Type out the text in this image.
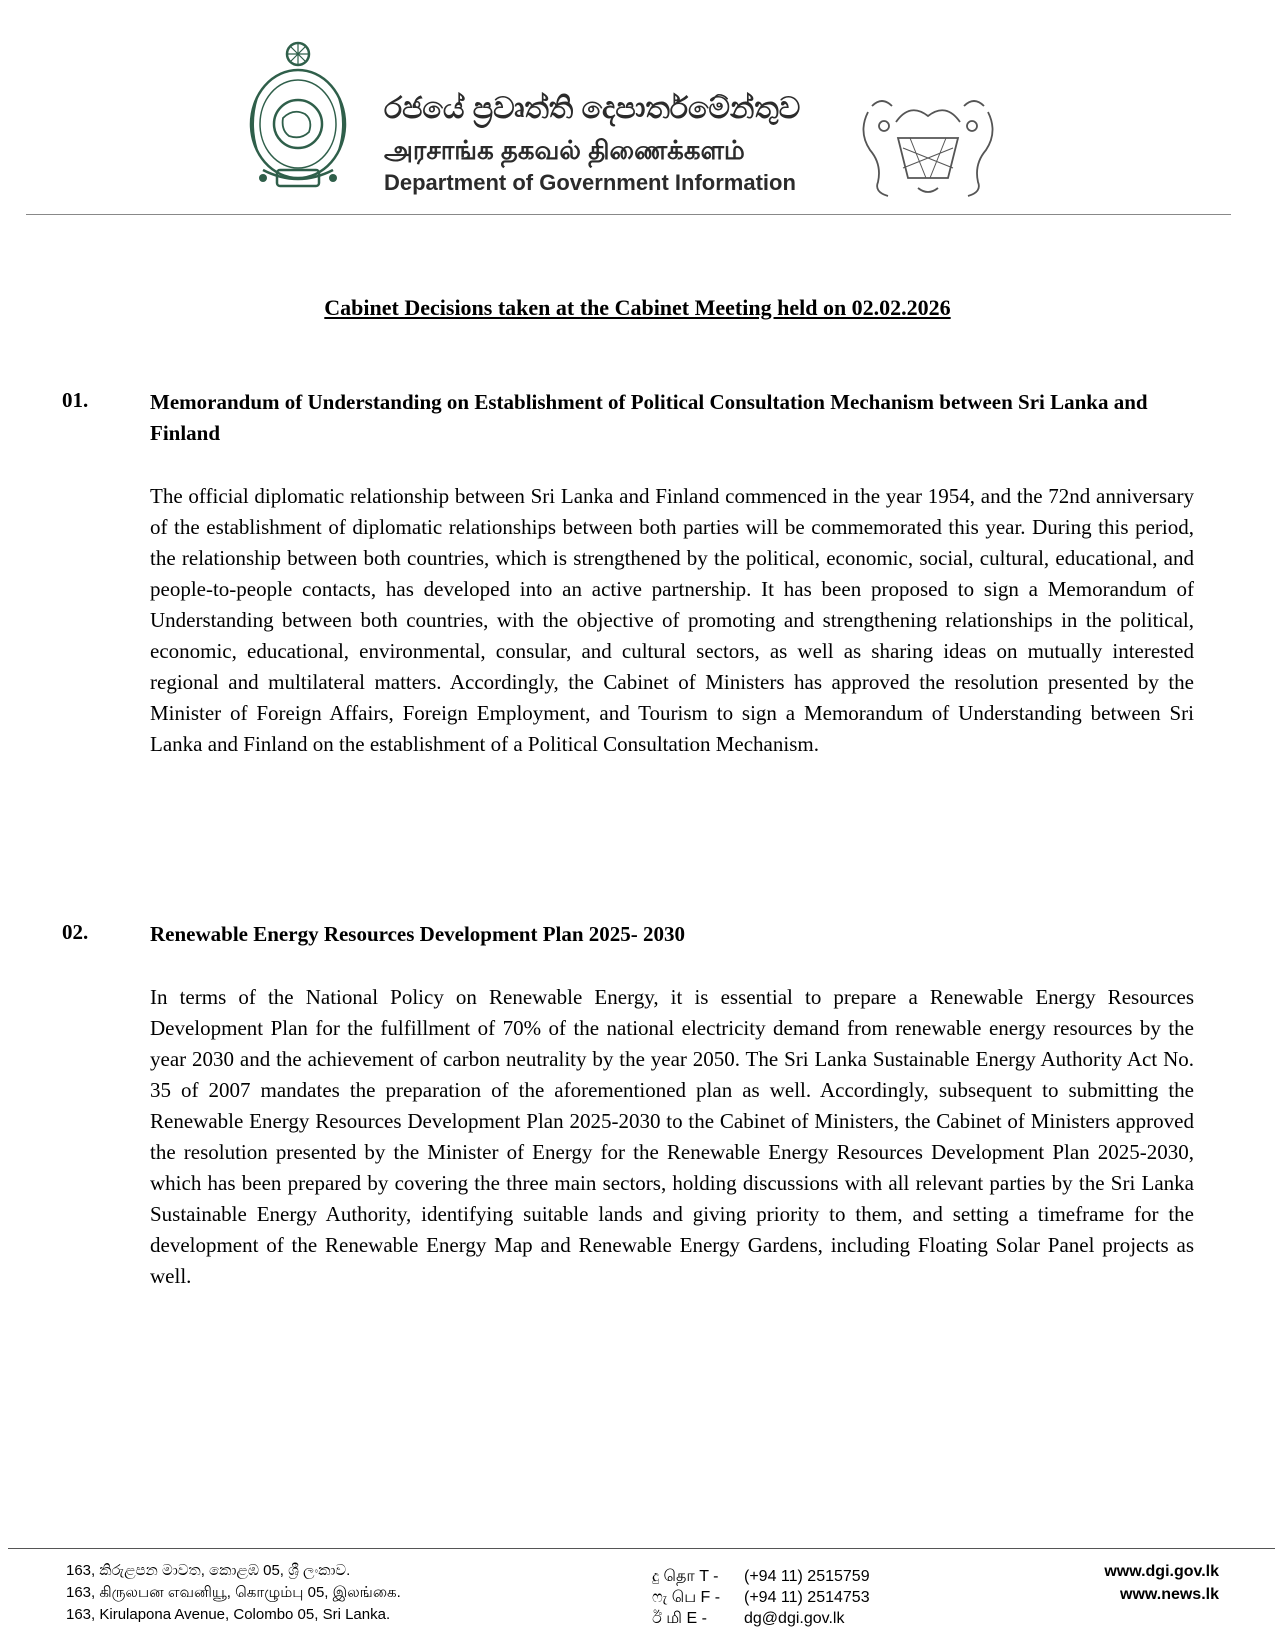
රජයේ ප්‍රවෘත්ති දෙපාර්තමේන්තුව
அரசாங்க தகவல் திணைக்களம்
Department of Government Information
Cabinet Decisions taken at the Cabinet Meeting held on 02.02.2026
01.	Memorandum of Understanding on Establishment of Political Consultation Mechanism between Sri Lanka and Finland
The official diplomatic relationship between Sri Lanka and Finland commenced in the year 1954, and the 72nd anniversary of the establishment of diplomatic relationships between both parties will be commemorated this year. During this period, the relationship between both countries, which is strengthened by the political, economic, social, cultural, educational, and people-to-people contacts, has developed into an active partnership. It has been proposed to sign a Memorandum of Understanding between both countries, with the objective of promoting and strengthening relationships in the political, economic, educational, environmental, consular, and cultural sectors, as well as sharing ideas on mutually interested regional and multilateral matters. Accordingly, the Cabinet of Ministers has approved the resolution presented by the Minister of Foreign Affairs, Foreign Employment, and Tourism to sign a Memorandum of Understanding between Sri Lanka and Finland on the establishment of a Political Consultation Mechanism.
02.	Renewable Energy Resources Development Plan 2025- 2030
In terms of the National Policy on Renewable Energy, it is essential to prepare a Renewable Energy Resources Development Plan for the fulfillment of 70% of the national electricity demand from renewable energy resources by the year 2030 and the achievement of carbon neutrality by the year 2050. The Sri Lanka Sustainable Energy Authority Act No. 35 of 2007 mandates the preparation of the aforementioned plan as well. Accordingly, subsequent to submitting the Renewable Energy Resources Development Plan 2025-2030 to the Cabinet of Ministers, the Cabinet of Ministers approved the resolution presented by the Minister of Energy for the Renewable Energy Resources Development Plan 2025-2030, which has been prepared by covering the three main sectors, holding discussions with all relevant parties by the Sri Lanka Sustainable Energy Authority, identifying suitable lands and giving priority to them, and setting a timeframe for the development of the Renewable Energy Map and Renewable Energy Gardens, including Floating Solar Panel projects as well.
163, කිරුළපන මාවත, කොළඹ 05, ශ්‍රී ලංකාව.
163, கிருலபன எவனியூ, கொழும்பு 05, இலங்கை.
163, Kirulapona Avenue, Colombo 05, Sri Lanka.
දු தொ T - (+94 11) 2515759
ෆැ பெ F - (+94 11) 2514753
ඊ மி E - dg@dgi.gov.lk
www.dgi.gov.lk
www.news.lk
